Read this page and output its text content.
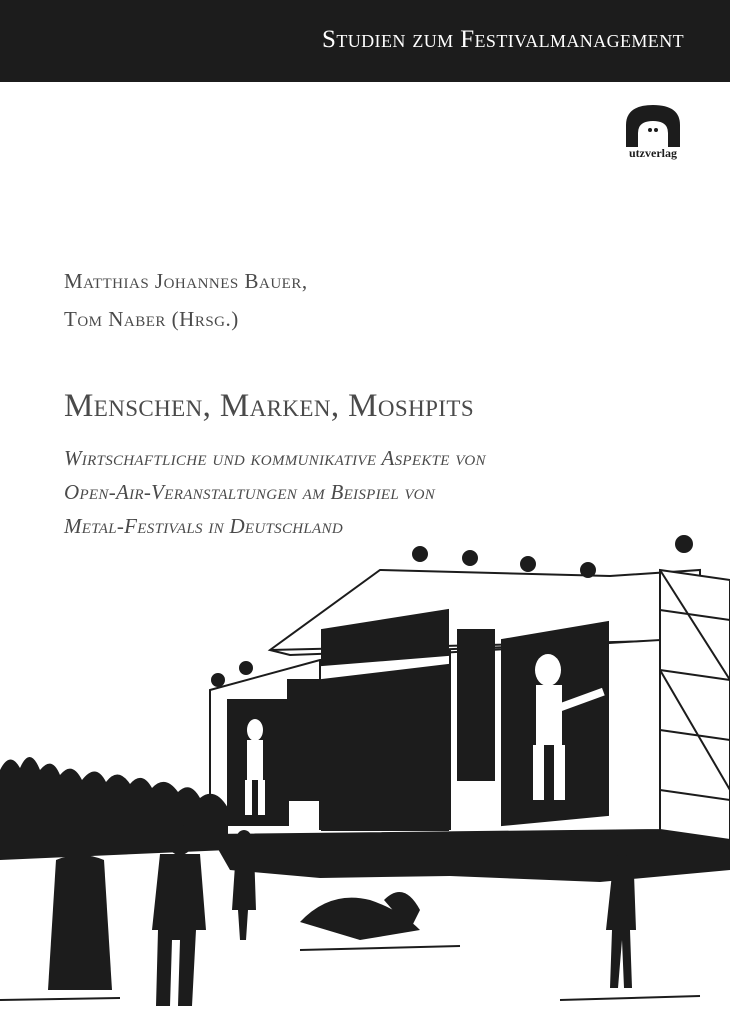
Studien zum Festivalmanagement
utzverlag
Matthias Johannes Bauer,
Tom Naber (Hrsg.)
Menschen, Marken, Moshpits
Wirtschaftliche und kommunikative Aspekte von
Open-Air-Veranstaltungen am Beispiel von
Metal-Festivals in Deutschland
